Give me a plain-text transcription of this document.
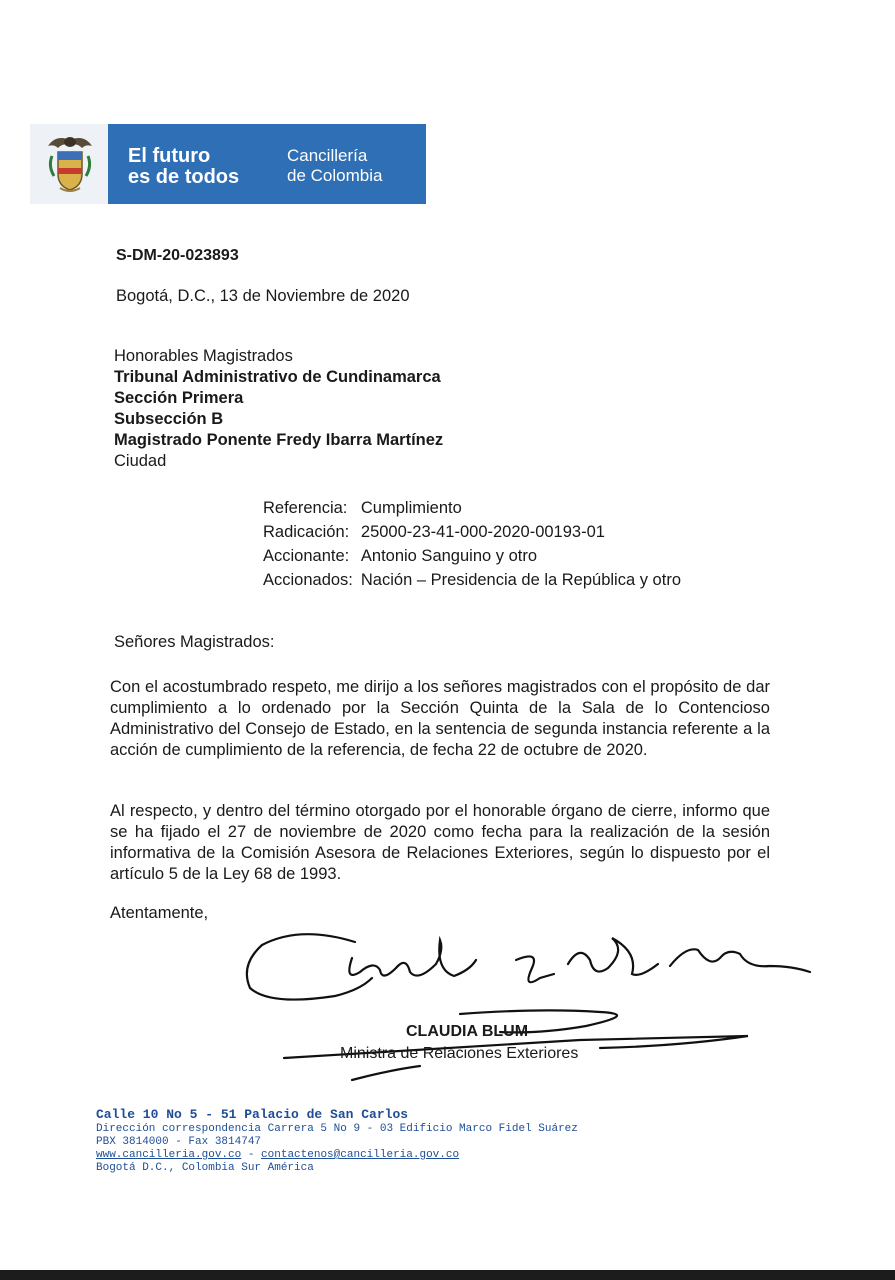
El futuro
es de todos
Cancillería
de Colombia
S-DM-20-023893
Bogotá, D.C., 13 de Noviembre de 2020
Honorables Magistrados
Tribunal Administrativo de Cundinamarca
Sección Primera
Subsección B
Magistrado Ponente Fredy Ibarra Martínez
Ciudad
Referencia:	Cumplimiento
Radicación:	25000-23-41-000-2020-00193-01
Accionante:	Antonio Sanguino y otro
Accionados:	Nación – Presidencia de la República y otro
Señores Magistrados:
Con el acostumbrado respeto, me dirijo a los señores magistrados con el propósito de dar cumplimiento a lo ordenado por la Sección Quinta de la Sala de lo Contencioso Administrativo del Consejo de Estado, en la sentencia de segunda instancia referente a la acción de cumplimiento de la referencia, de fecha 22 de octubre de 2020.
Al respecto, y dentro del término otorgado por el honorable órgano de cierre, informo que se ha fijado el 27 de noviembre de 2020 como fecha para la realización de la sesión informativa de la Comisión Asesora de Relaciones Exteriores, según lo dispuesto por el artículo 5 de la Ley 68 de 1993.
Atentamente,
CLAUDIA BLUM
Ministra de Relaciones Exteriores
Calle 10 No 5 - 51 Palacio de San Carlos
Dirección correspondencia Carrera 5 No 9 - 03 Edificio Marco Fidel Suárez
PBX 3814000 - Fax 3814747
www.cancilleria.gov.co - contactenos@cancilleria.gov.co
Bogotá D.C., Colombia Sur América
